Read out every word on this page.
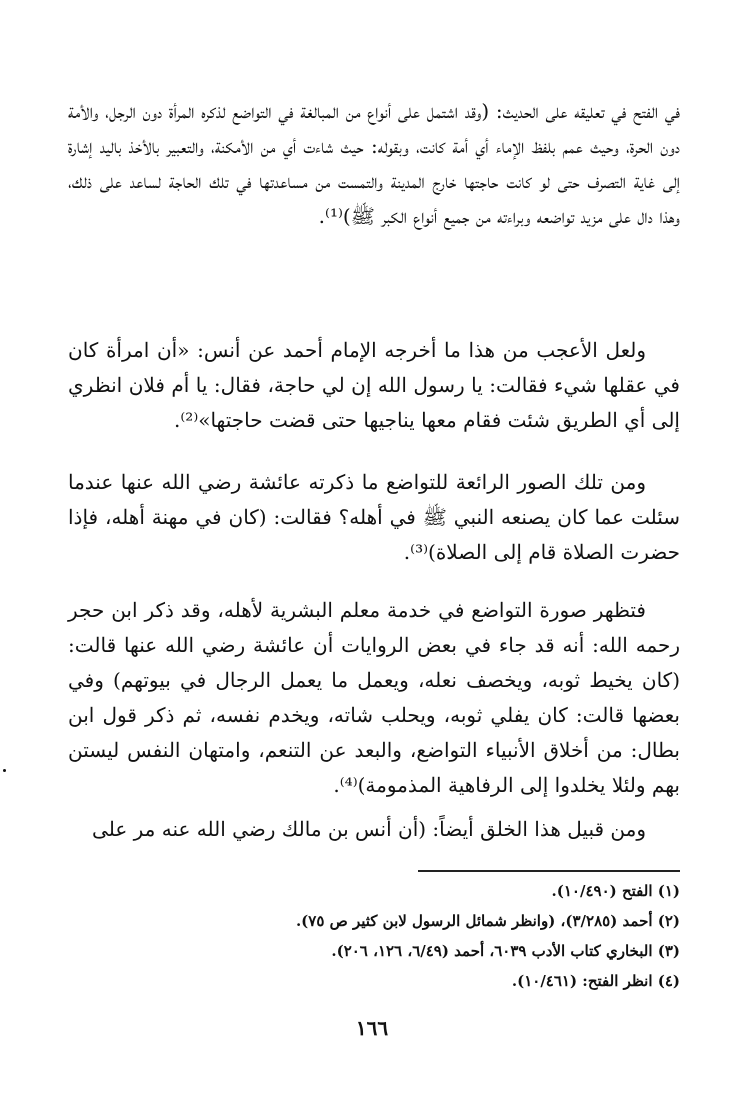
في الفتح في تعليقه على الحديث: (وقد اشتمل على أنواع من المبالغة في التواضع لذكره المرأة دون الرجل، والأمة دون الحرة، وحيث عمم بلفظ الإماء أي أمة كانت، وبقوله: حيث شاءت أي من الأمكنة، والتعبير بالأخذ باليد إشارة إلى غاية التصرف حتى لو كانت حاجتها خارج المدينة والتمست من مساعدتها في تلك الحاجة لساعد على ذلك، وهذا دال على مزيد تواضعه وبراءته من جميع أنواع الكبر ﷺ)⁽¹⁾.

ولعل الأعجب من هذا ما أخرجه الإمام أحمد عن أنس: «أن امرأة كان في عقلها شيء فقالت: يا رسول الله إن لي حاجة، فقال: يا أم فلان انظري إلى أي الطريق شئت فقام معها يناجيها حتى قضت حاجتها»⁽²⁾.

ومن تلك الصور الرائعة للتواضع ما ذكرته عائشة رضي الله عنها عندما سئلت عما كان يصنعه النبي ﷺ في أهله؟ فقالت: (كان في مهنة أهله، فإذا حضرت الصلاة قام إلى الصلاة)⁽³⁾.

فتظهر صورة التواضع في خدمة معلم البشرية لأهله، وقد ذكر ابن حجر رحمه الله: أنه قد جاء في بعض الروايات أن عائشة رضي الله عنها قالت:(كان يخيط ثوبه، ويخصف نعله، ويعمل ما يعمل الرجال في بيوتهم) وفي بعضها قالت: كان يفلي ثوبه، ويحلب شاته، ويخدم نفسه، ثم ذكر قول ابن بطال: من أخلاق الأنبياء التواضع، والبعد عن التنعم، وامتهان النفس ليستن بهم ولئلا يخلدوا إلى الرفاهية المذمومة)⁽⁴⁾.

ومن قبيل هذا الخلق أيضاً: (أن أنس بن مالك رضي الله عنه مر على

(١) الفتح (١٠/٤٩٠).
(٢) أحمد (٣/٢٨٥)، (وانظر شمائل الرسول لابن كثير ص ٧٥).
(٣) البخاري كتاب الأدب ٦٠٣٩، أحمد (٦/٤٩، ١٢٦، ٢٠٦).
(٤) انظر الفتح: (١٠/٤٦١).
١٦٦
